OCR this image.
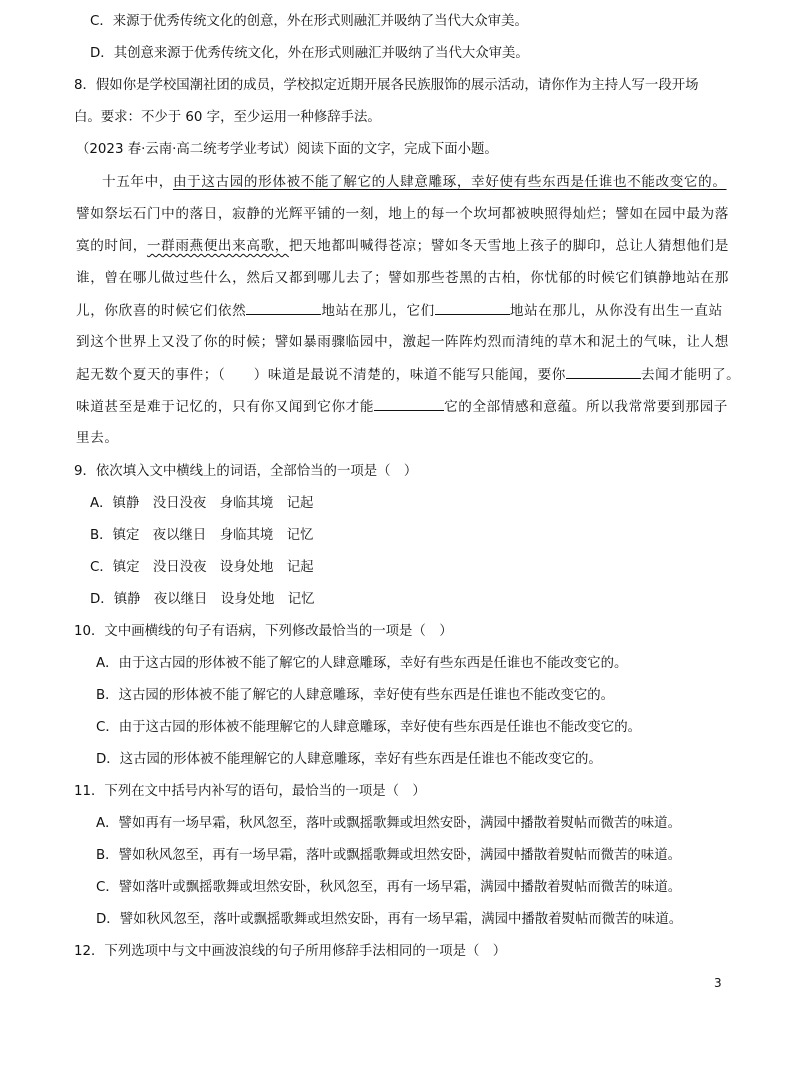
C．来源于优秀传统文化的创意，外在形式则融汇并吸纳了当代大众审美。
D．其创意来源于优秀传统文化，外在形式则融汇并吸纳了当代大众审美。
8．假如你是学校国潮社团的成员，学校拟定近期开展各民族服饰的展示活动，请你作为主持人写一段开场
白。要求：不少于 60 字，至少运用一种修辞手法。
（2023 春·云南·高二统考学业考试）阅读下面的文字，完成下面小题。
十五年中，由于这古园的形体被不能了解它的人肆意雕琢，幸好使有些东西是任谁也不能改变它的。
譬如祭坛石门中的落日，寂静的光辉平铺的一刻，地上的每一个坎坷都被映照得灿烂；譬如在园中最为落
寞的时间，一群雨燕便出来高歌，把天地都叫喊得苍凉；譬如冬天雪地上孩子的脚印，总让人猜想他们是
谁，曾在哪儿做过些什么，然后又都到哪儿去了；譬如那些苍黑的古柏，你忧郁的时候它们镇静地站在那
儿，你欣喜的时候它们依然	地站在那儿，它们	地站在那儿，从你没有出生一直站
到这个世界上又没了你的时候；譬如暴雨骤临园中，激起一阵阵灼烈而清纯的草木和泥土的气味，让人想
起无数个夏天的事件；（　　）味道是最说不清楚的，味道不能写只能闻，要你	去闻才能明了。
味道甚至是难于记忆的，只有你又闻到它你才能	它的全部情感和意蕴。所以我常常要到那园子
里去。
9．依次填入文中横线上的词语，全部恰当的一项是（　）
A．镇静　没日没夜　身临其境　记起
B．镇定　夜以继日　身临其境　记忆
C．镇定　没日没夜　设身处地　记起
D．镇静　夜以继日　设身处地　记忆
10．文中画横线的句子有语病，下列修改最恰当的一项是（　）
A．由于这古园的形体被不能了解它的人肆意雕琢，幸好有些东西是任谁也不能改变它的。
B．这古园的形体被不能了解它的人肆意雕琢，幸好使有些东西是任谁也不能改变它的。
C．由于这古园的形体被不能理解它的人肆意雕琢，幸好使有些东西是任谁也不能改变它的。
D．这古园的形体被不能理解它的人肆意雕琢，幸好有些东西是任谁也不能改变它的。
11．下列在文中括号内补写的语句，最恰当的一项是（　）
A．譬如再有一场早霜，秋风忽至，落叶或飘摇歌舞或坦然安卧，满园中播散着熨帖而微苦的味道。
B．譬如秋风忽至，再有一场早霜，落叶或飘摇歌舞或坦然安卧，满园中播散着熨帖而微苦的味道。
C．譬如落叶或飘摇歌舞或坦然安卧，秋风忽至，再有一场早霜，满园中播散着熨帖而微苦的味道。
D．譬如秋风忽至，落叶或飘摇歌舞或坦然安卧，再有一场早霜，满园中播散着熨帖而微苦的味道。
12．下列选项中与文中画波浪线的句子所用修辞手法相同的一项是（　）
3
